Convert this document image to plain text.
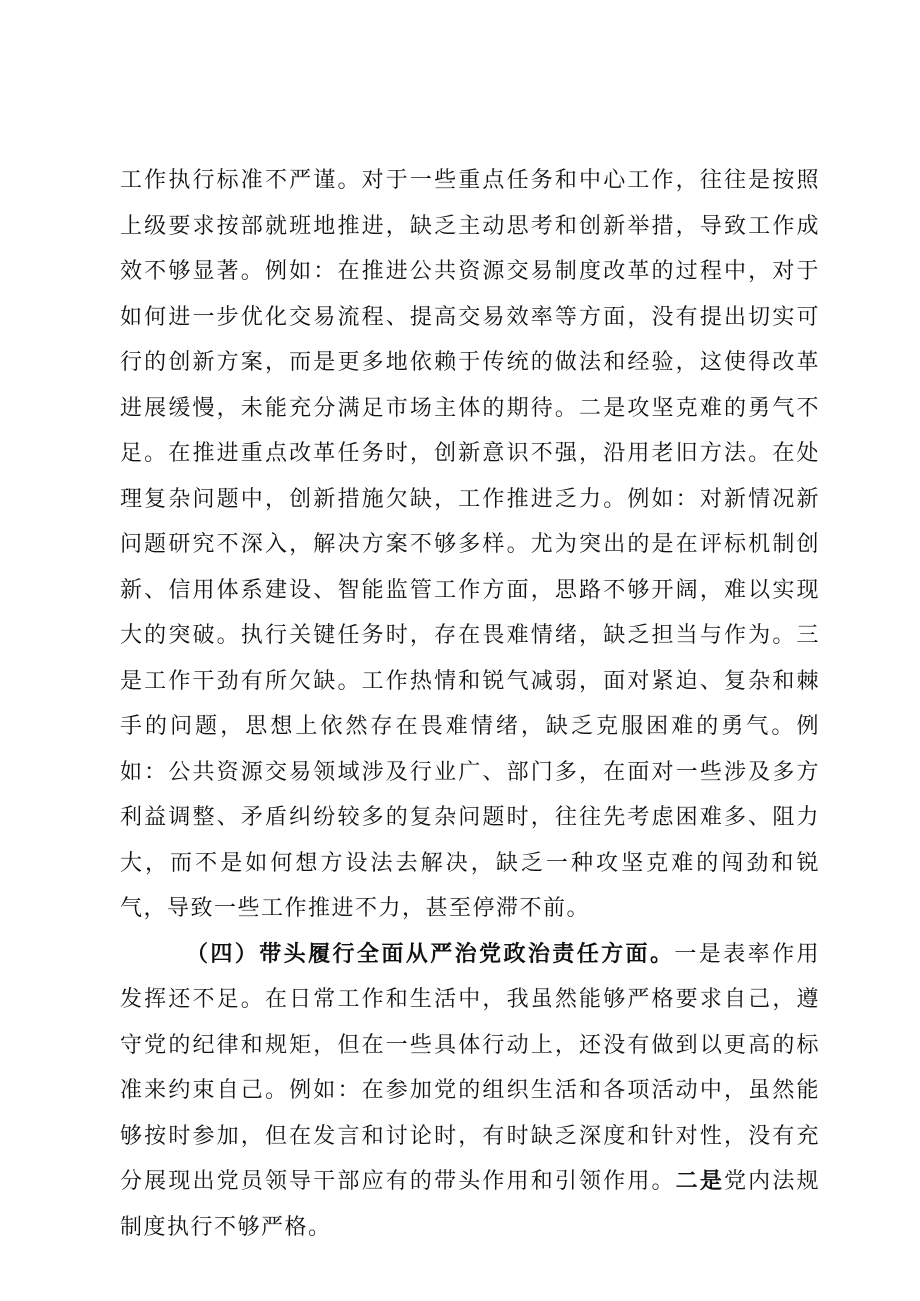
工作执行标准不严谨。对于一些重点任务和中心工作，往往是按照上级要求按部就班地推进，缺乏主动思考和创新举措，导致工作成效不够显著。例如：在推进公共资源交易制度改革的过程中，对于如何进一步优化交易流程、提高交易效率等方面，没有提出切实可行的创新方案，而是更多地依赖于传统的做法和经验，这使得改革进展缓慢，未能充分满足市场主体的期待。二是攻坚克难的勇气不足。在推进重点改革任务时，创新意识不强，沿用老旧方法。在处理复杂问题中，创新措施欠缺，工作推进乏力。例如：对新情况新问题研究不深入，解决方案不够多样。尤为突出的是在评标机制创新、信用体系建设、智能监管工作方面，思路不够开阔，难以实现大的突破。执行关键任务时，存在畏难情绪，缺乏担当与作为。三是工作干劲有所欠缺。工作热情和锐气减弱，面对紧迫、复杂和棘手的问题，思想上依然存在畏难情绪，缺乏克服困难的勇气。例如：公共资源交易领域涉及行业广、部门多，在面对一些涉及多方利益调整、矛盾纠纷较多的复杂问题时，往往先考虑困难多、阻力大，而不是如何想方设法去解决，缺乏一种攻坚克难的闯劲和锐气，导致一些工作推进不力，甚至停滞不前。

（四）带头履行全面从严治党政治责任方面。一是表率作用发挥还不足。在日常工作和生活中，我虽然能够严格要求自己，遵守党的纪律和规矩，但在一些具体行动上，还没有做到以更高的标准来约束自己。例如：在参加党的组织生活和各项活动中，虽然能够按时参加，但在发言和讨论时，有时缺乏深度和针对性，没有充分展现出党员领导干部应有的带头作用和引领作用。二是党内法规制度执行不够严格。
